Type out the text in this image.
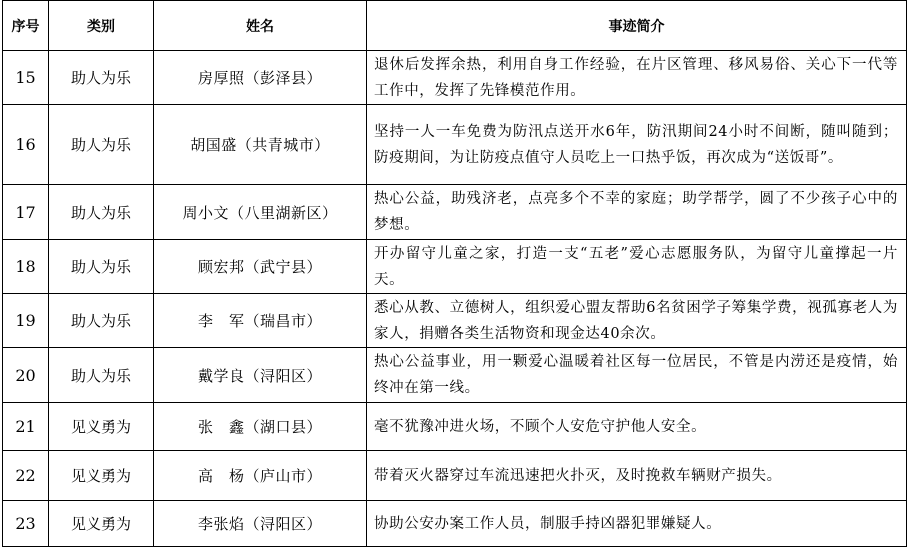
序号	类别	姓名	事迹简介
15	助人为乐	房厚照（彭泽县）	退休后发挥余热，利用自身工作经验，在片区管理、移风易俗、关心下一代等工作中，发挥了先锋模范作用。
16	助人为乐	胡国盛（共青城市）	坚持一人一车免费为防汛点送开水6年，防汛期间24小时不间断，随叫随到；防疫期间，为让防疫点值守人员吃上一口热乎饭，再次成为“送饭哥”。
17	助人为乐	周小文（八里湖新区）	热心公益，助残济老，点亮多个不幸的家庭；助学帮学，圆了不少孩子心中的梦想。
18	助人为乐	顾宏邦（武宁县）	开办留守儿童之家，打造一支“五老”爱心志愿服务队，为留守儿童撑起一片天。
19	助人为乐	李　军（瑞昌市）	悉心从教、立德树人，组织爱心盟友帮助6名贫困学子筹集学费，视孤寡老人为家人，捐赠各类生活物资和现金达40余次。
20	助人为乐	戴学良（浔阳区）	热心公益事业，用一颗爱心温暖着社区每一位居民，不管是内涝还是疫情，始终冲在第一线。
21	见义勇为	张　鑫（湖口县）	毫不犹豫冲进火场，不顾个人安危守护他人安全。
22	见义勇为	高　杨（庐山市）	带着灭火器穿过车流迅速把火扑灭，及时挽救车辆财产损失。
23	见义勇为	李张焰（浔阳区）	协助公安办案工作人员，制服手持凶器犯罪嫌疑人。
